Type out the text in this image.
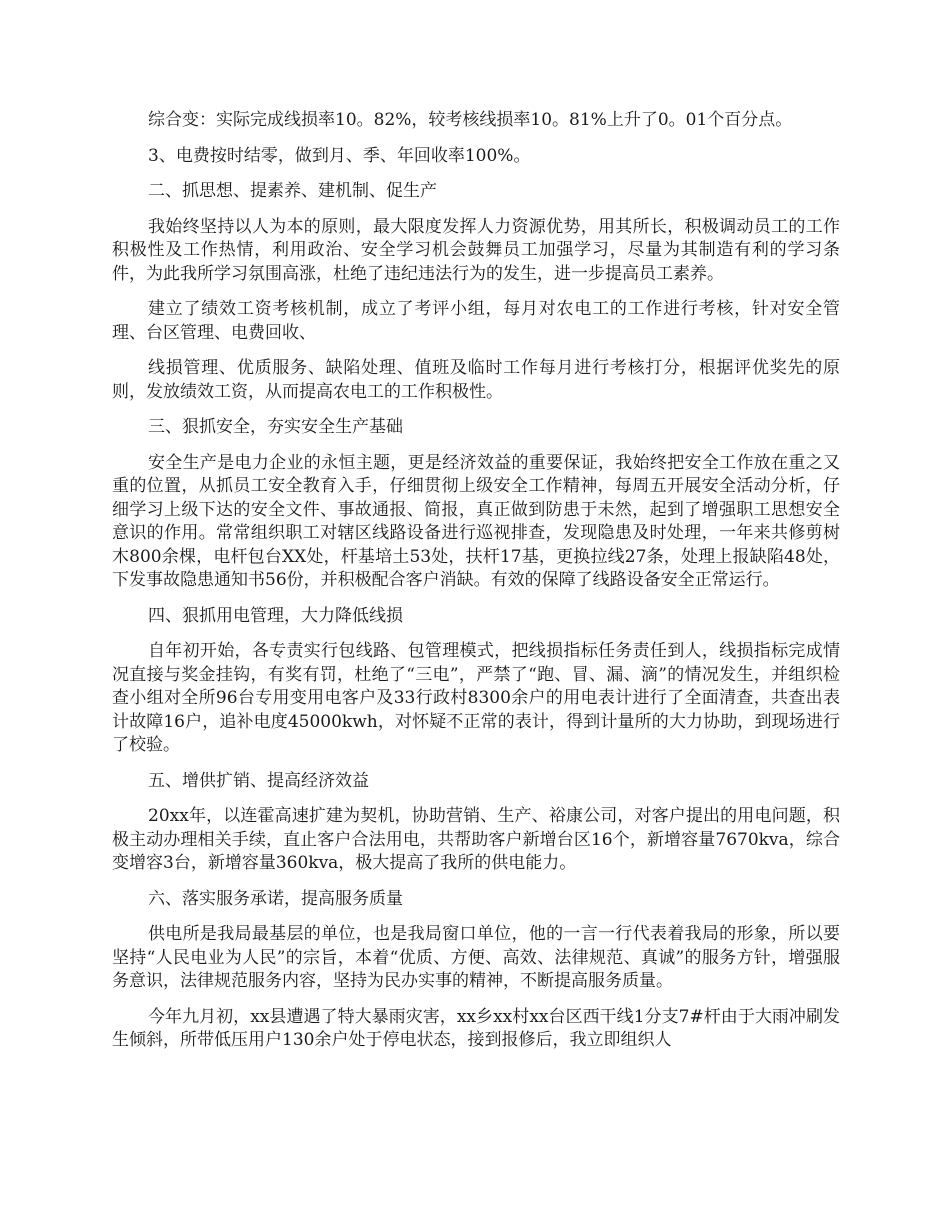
综合变：实际完成线损率10。82%，较考核线损率10。81%上升了0。01个百分点。

3、电费按时结零，做到月、季、年回收率100%。

二、抓思想、提素养、建机制、促生产

我始终坚持以人为本的原则，最大限度发挥人力资源优势，用其所长，积极调动员工的工作积极性及工作热情，利用政治、安全学习机会鼓舞员工加强学习，尽量为其制造有利的学习条件，为此我所学习氛围高涨，杜绝了违纪违法行为的发生，进一步提高员工素养。

建立了绩效工资考核机制，成立了考评小组，每月对农电工的工作进行考核，针对安全管理、台区管理、电费回收、

线损管理、优质服务、缺陷处理、值班及临时工作每月进行考核打分，根据评优奖先的原则，发放绩效工资，从而提高农电工的工作积极性。

三、狠抓安全，夯实安全生产基础

安全生产是电力企业的永恒主题，更是经济效益的重要保证，我始终把安全工作放在重之又重的位置，从抓员工安全教育入手，仔细贯彻上级安全工作精神，每周五开展安全活动分析，仔细学习上级下达的安全文件、事故通报、简报，真正做到防患于未然，起到了增强职工思想安全意识的作用。常常组织职工对辖区线路设备进行巡视排查，发现隐患及时处理，一年来共修剪树木800余棵，电杆包台XX处，杆基培土53处，扶杆17基，更换拉线27条，处理上报缺陷48处，下发事故隐患通知书56份，并积极配合客户消缺。有效的保障了线路设备安全正常运行。

四、狠抓用电管理，大力降低线损

自年初开始，各专责实行包线路、包管理模式，把线损指标任务责任到人，线损指标完成情况直接与奖金挂钩，有奖有罚，杜绝了“三电”，严禁了“跑、冒、漏、滴”的情况发生，并组织检查小组对全所96台专用变用电客户及33行政村8300余户的用电表计进行了全面清查，共查出表计故障16户，追补电度45000kwh，对怀疑不正常的表计，得到计量所的大力协助，到现场进行了校验。

五、增供扩销、提高经济效益

20xx年，以连霍高速扩建为契机，协助营销、生产、裕康公司，对客户提出的用电问题，积极主动办理相关手续，直止客户合法用电，共帮助客户新增台区16个，新增容量7670kva，综合变增容3台，新增容量360kva，极大提高了我所的供电能力。

六、落实服务承诺，提高服务质量

供电所是我局最基层的单位，也是我局窗口单位，他的一言一行代表着我局的形象，所以要坚持“人民电业为人民”的宗旨，本着“优质、方便、高效、法律规范、真诚”的服务方针，增强服务意识，法律规范服务内容，坚持为民办实事的精神，不断提高服务质量。

今年九月初，xx县遭遇了特大暴雨灾害，xx乡xx村xx台区西干线1分支7#杆由于大雨冲刷发生倾斜，所带低压用户130余户处于停电状态，接到报修后，我立即组织人
